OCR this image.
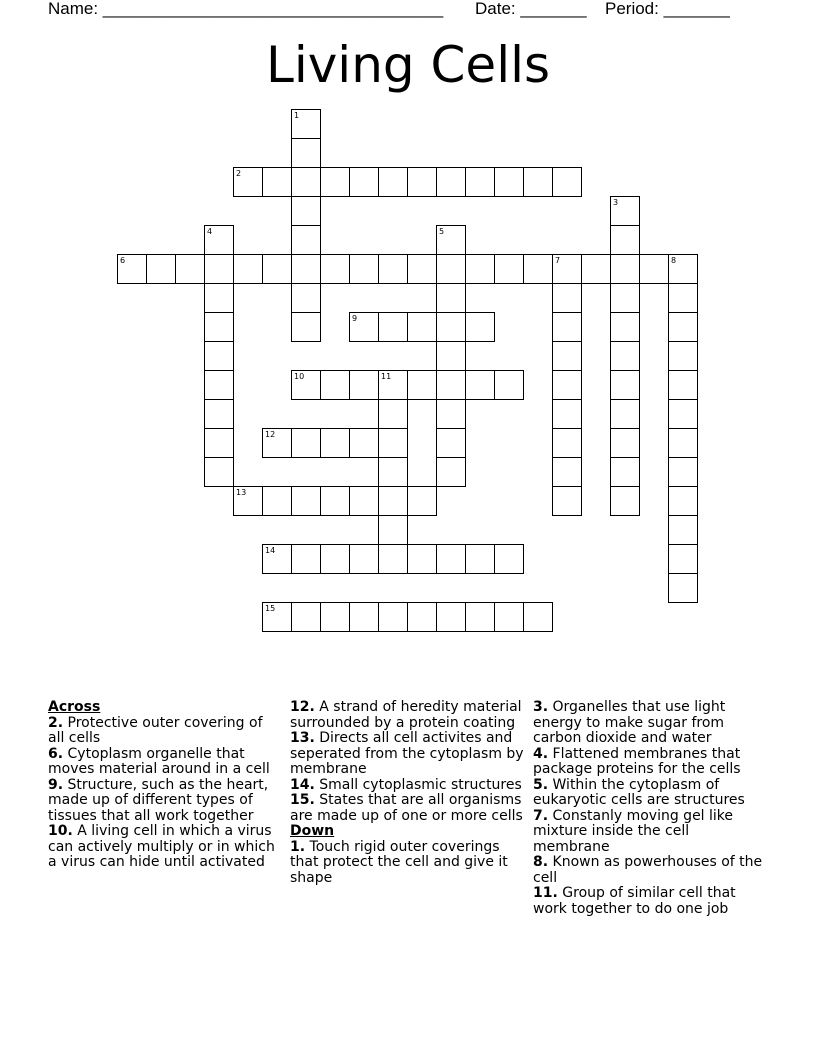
Name: ____________________________________ Date: _______ Period: _______
Living Cells
1
2
3
4	5
6	7	8
9
10	11
12
13
14
15
Across
2. Protective outer covering of all cells
6. Cytoplasm organelle that moves material around in a cell
9. Structure, such as the heart, made up of different types of tissues that all work together
10. A living cell in which a virus can actively multiply or in which a virus can hide until activated
12. A strand of heredity material surrounded by a protein coating
13. Directs all cell activites and seperated from the cytoplasm by membrane
14. Small cytoplasmic structures
15. States that are all organisms are made up of one or more cells
Down
1. Touch rigid outer coverings that protect the cell and give it shape
3. Organelles that use light energy to make sugar from carbon dioxide and water
4. Flattened membranes that package proteins for the cells
5. Within the cytoplasm of eukaryotic cells are structures
7. Constanly moving gel like mixture inside the cell membrane
8. Known as powerhouses of the cell
11. Group of similar cell that work together to do one job
